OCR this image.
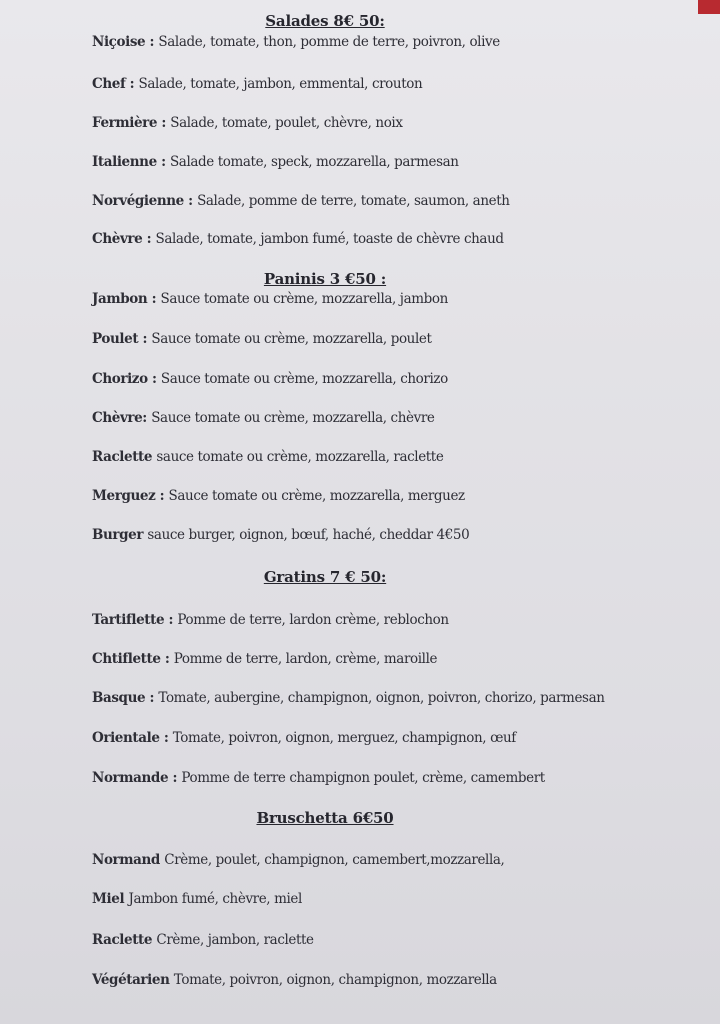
Salades 8€ 50:
Niçoise : Salade, tomate, thon, pomme de terre, poivron, olive
Chef : Salade, tomate, jambon, emmental, crouton
Fermière : Salade, tomate, poulet, chèvre, noix
Italienne : Salade tomate, speck, mozzarella, parmesan
Norvégienne : Salade, pomme de terre, tomate, saumon, aneth
Chèvre : Salade, tomate, jambon fumé, toaste de chèvre chaud
Paninis 3 €50 :
Jambon : Sauce tomate ou crème, mozzarella, jambon
Poulet : Sauce tomate ou crème, mozzarella, poulet
Chorizo : Sauce tomate ou crème, mozzarella, chorizo
Chèvre: Sauce tomate ou crème, mozzarella, chèvre
Raclette sauce tomate ou crème, mozzarella, raclette
Merguez : Sauce tomate ou crème, mozzarella, merguez
Burger sauce burger, oignon, bœuf, haché, cheddar 4€50
Gratins 7 € 50:
Tartiflette : Pomme de terre, lardon crème, reblochon
Chtiflette : Pomme de terre, lardon, crème, maroille
Basque : Tomate, aubergine, champignon, oignon, poivron, chorizo, parmesan
Orientale : Tomate, poivron, oignon, merguez, champignon, œuf
Normande : Pomme de terre champignon poulet, crème, camembert
Bruschetta 6€50
Normand Crème, poulet, champignon, camembert,mozzarella,
Miel Jambon fumé, chèvre, miel
Raclette Crème, jambon, raclette
Végétarien Tomate, poivron, oignon, champignon, mozzarella
